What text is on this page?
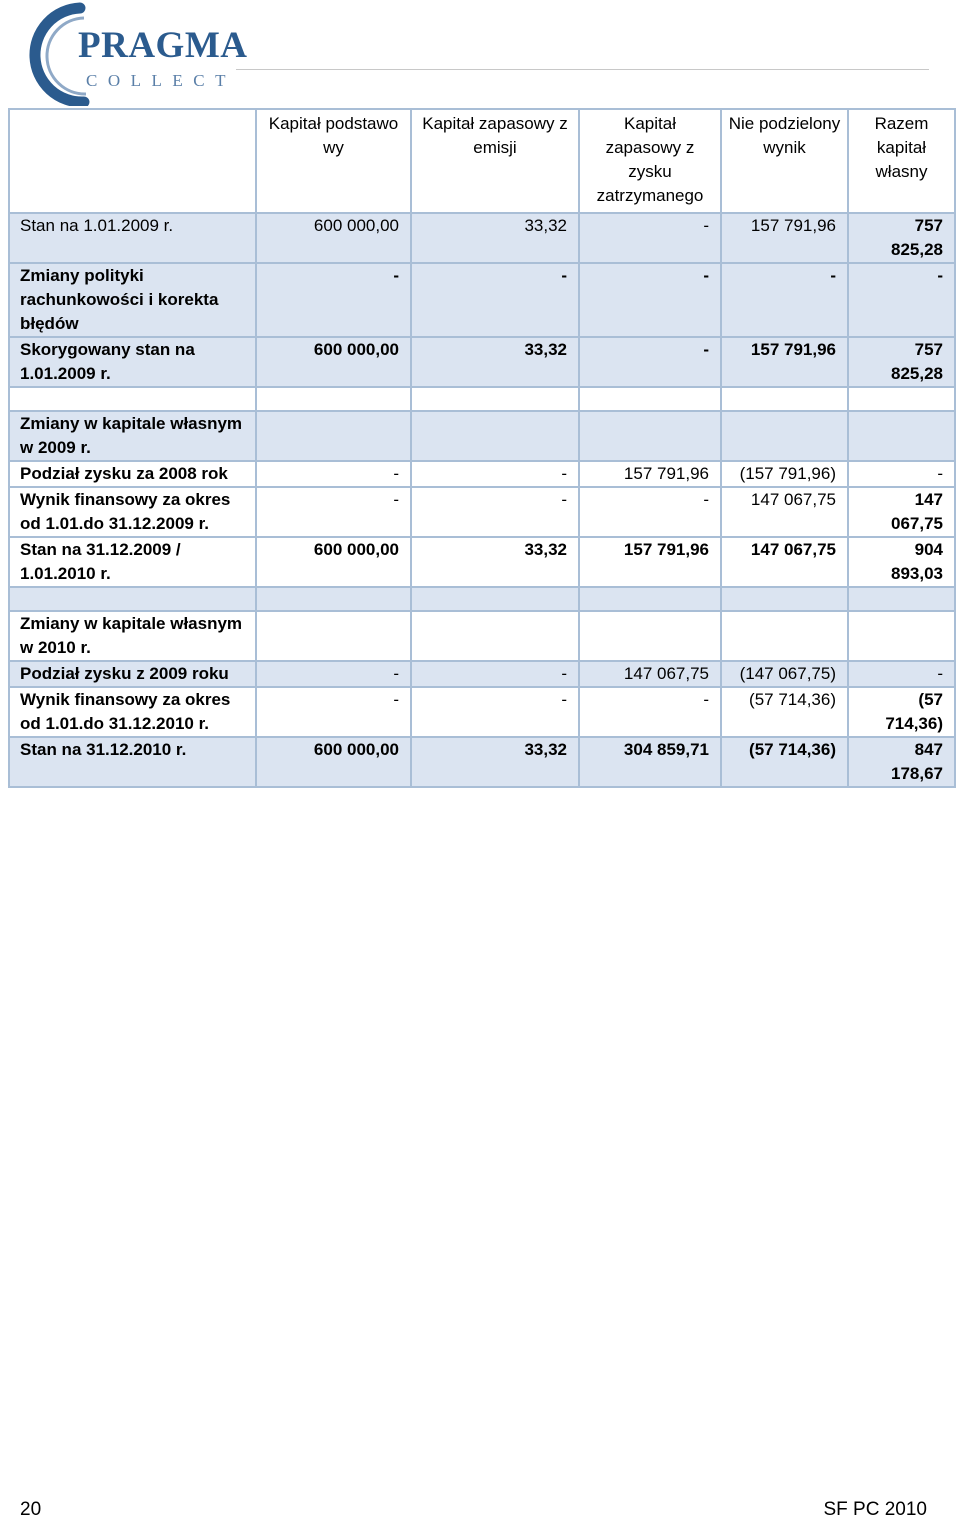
PRAGMA
COLLECT
	Kapitał podstawo wy	Kapitał zapasowy z emisji	Kapitał zapasowy z zysku zatrzymanego	Nie podzielony wynik	Razem kapitał własny
Stan na 1.01.2009 r.	600 000,00	33,32	-	157 791,96	757 825,28
Zmiany polityki rachunkowości i korekta błędów	-	-	-	-	-
Skorygowany stan na 1.01.2009 r.	600 000,00	33,32	-	157 791,96	757 825,28

Zmiany w kapitale własnym w 2009 r.					
Podział zysku za 2008 rok	-	-	157 791,96	(157 791,96)	-
Wynik finansowy za okres od 1.01.do 31.12.2009 r.	-	-	-	147 067,75	147 067,75
Stan na 31.12.2009 / 1.01.2010 r.	600 000,00	33,32	157 791,96	147 067,75	904 893,03

Zmiany w kapitale własnym w 2010 r.					
Podział zysku z 2009 roku	-	-	147 067,75	(147 067,75)	-
Wynik finansowy za okres od 1.01.do 31.12.2010 r.	-	-	-	(57 714,36)	(57 714,36)
Stan na 31.12.2010 r.	600 000,00	33,32	304 859,71	(57 714,36)	847 178,67
20	SF PC 2010
